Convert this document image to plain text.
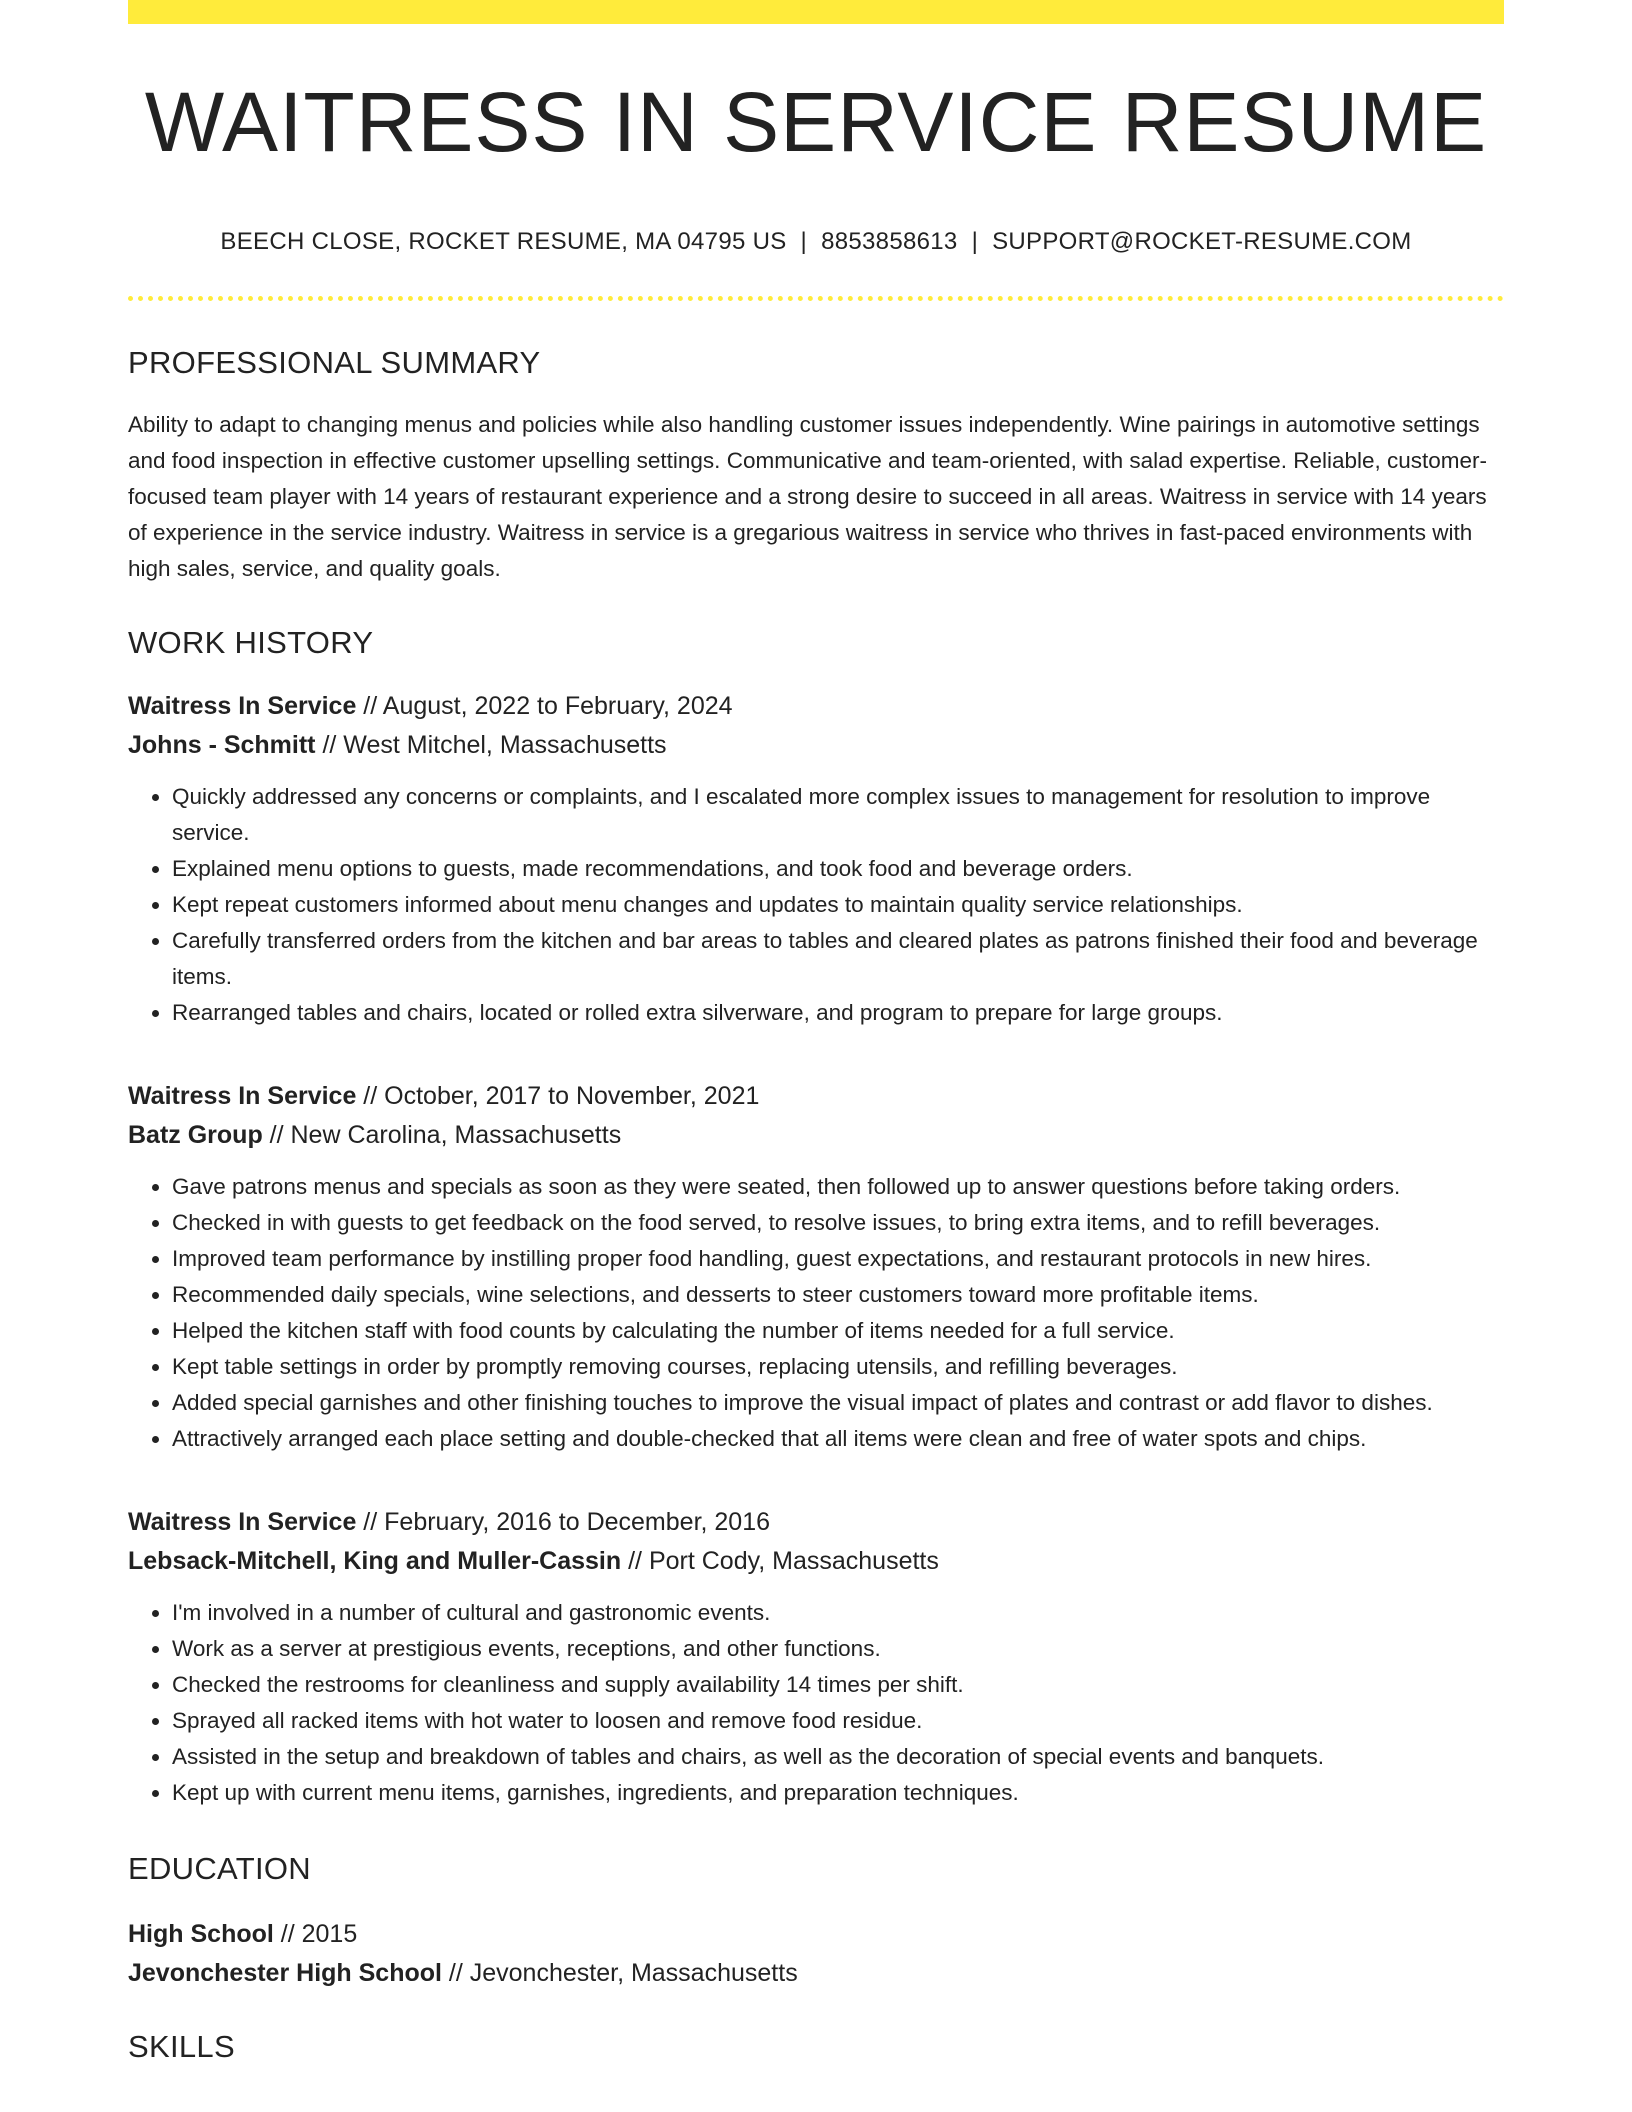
WAITRESS IN SERVICE RESUME
BEECH CLOSE, ROCKET RESUME, MA 04795 US | 8853858613 | SUPPORT@ROCKET-RESUME.COM
PROFESSIONAL SUMMARY

Ability to adapt to changing menus and policies while also handling customer issues independently. Wine pairings in automotive settings and food inspection in effective customer upselling settings. Communicative and team-oriented, with salad expertise. Reliable, customer-focused team player with 14 years of restaurant experience and a strong desire to succeed in all areas. Waitress in service with 14 years of experience in the service industry. Waitress in service is a gregarious waitress in service who thrives in fast-paced environments with high sales, service, and quality goals.

WORK HISTORY
Waitress In Service // August, 2022 to February, 2024
Johns - Schmitt // West Mitchel, Massachusetts
• Quickly addressed any concerns or complaints, and I escalated more complex issues to management for resolution to improve service.
• Explained menu options to guests, made recommendations, and took food and beverage orders.
• Kept repeat customers informed about menu changes and updates to maintain quality service relationships.
• Carefully transferred orders from the kitchen and bar areas to tables and cleared plates as patrons finished their food and beverage items.
• Rearranged tables and chairs, located or rolled extra silverware, and program to prepare for large groups.
Waitress In Service // October, 2017 to November, 2021
Batz Group // New Carolina, Massachusetts
• Gave patrons menus and specials as soon as they were seated, then followed up to answer questions before taking orders.
• Checked in with guests to get feedback on the food served, to resolve issues, to bring extra items, and to refill beverages.
• Improved team performance by instilling proper food handling, guest expectations, and restaurant protocols in new hires.
• Recommended daily specials, wine selections, and desserts to steer customers toward more profitable items.
• Helped the kitchen staff with food counts by calculating the number of items needed for a full service.
• Kept table settings in order by promptly removing courses, replacing utensils, and refilling beverages.
• Added special garnishes and other finishing touches to improve the visual impact of plates and contrast or add flavor to dishes.
• Attractively arranged each place setting and double-checked that all items were clean and free of water spots and chips.
Waitress In Service // February, 2016 to December, 2016
Lebsack-Mitchell, King and Muller-Cassin // Port Cody, Massachusetts
• I'm involved in a number of cultural and gastronomic events.
• Work as a server at prestigious events, receptions, and other functions.
• Checked the restrooms for cleanliness and supply availability 14 times per shift.
• Sprayed all racked items with hot water to loosen and remove food residue.
• Assisted in the setup and breakdown of tables and chairs, as well as the decoration of special events and banquets.
• Kept up with current menu items, garnishes, ingredients, and preparation techniques.
EDUCATION
High School // 2015
Jevonchester High School // Jevonchester, Massachusetts
SKILLS
